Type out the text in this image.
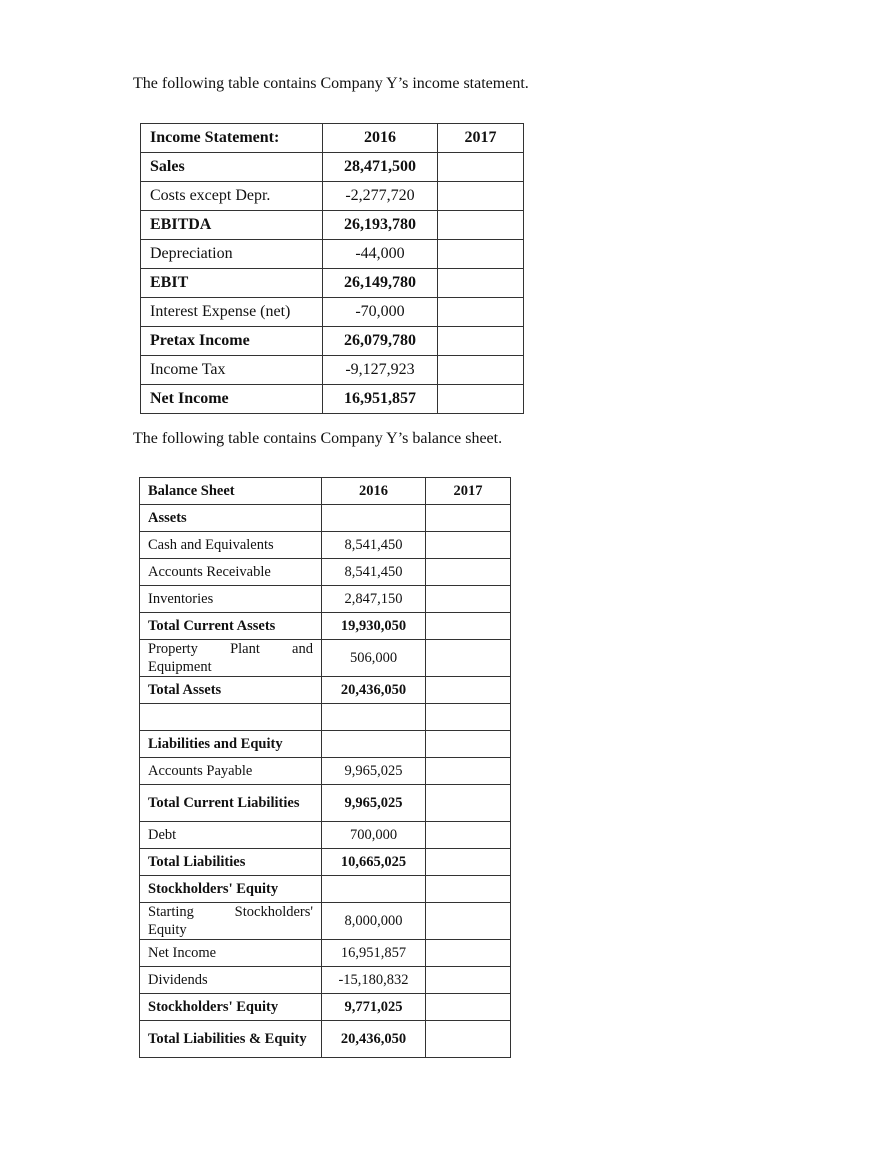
The following table contains Company Y’s income statement.
Income Statement:	2016	2017
Sales	28,471,500	
Costs except Depr.	-2,277,720	
EBITDA	26,193,780	
Depreciation	-44,000	
EBIT	26,149,780	
Interest Expense (net)	-70,000	
Pretax Income	26,079,780	
Income Tax	-9,127,923	
Net Income	16,951,857	
The following table contains Company Y’s balance sheet.
Balance Sheet	2016	2017
Assets		
Cash and Equivalents	8,541,450	
Accounts Receivable	8,541,450	
Inventories	2,847,150	
Total Current Assets	19,930,050	
Property Plant and Equipment	506,000	
Total Assets	20,436,050	

Liabilities and Equity		
Accounts Payable	9,965,025	
Total Current Liabilities	9,965,025	
Debt	700,000	
Total Liabilities	10,665,025	
Stockholders' Equity		
Starting Stockholders' Equity	8,000,000	
Net Income	16,951,857	
Dividends	-15,180,832	
Stockholders' Equity	9,771,025	
Total Liabilities & Equity	20,436,050	
